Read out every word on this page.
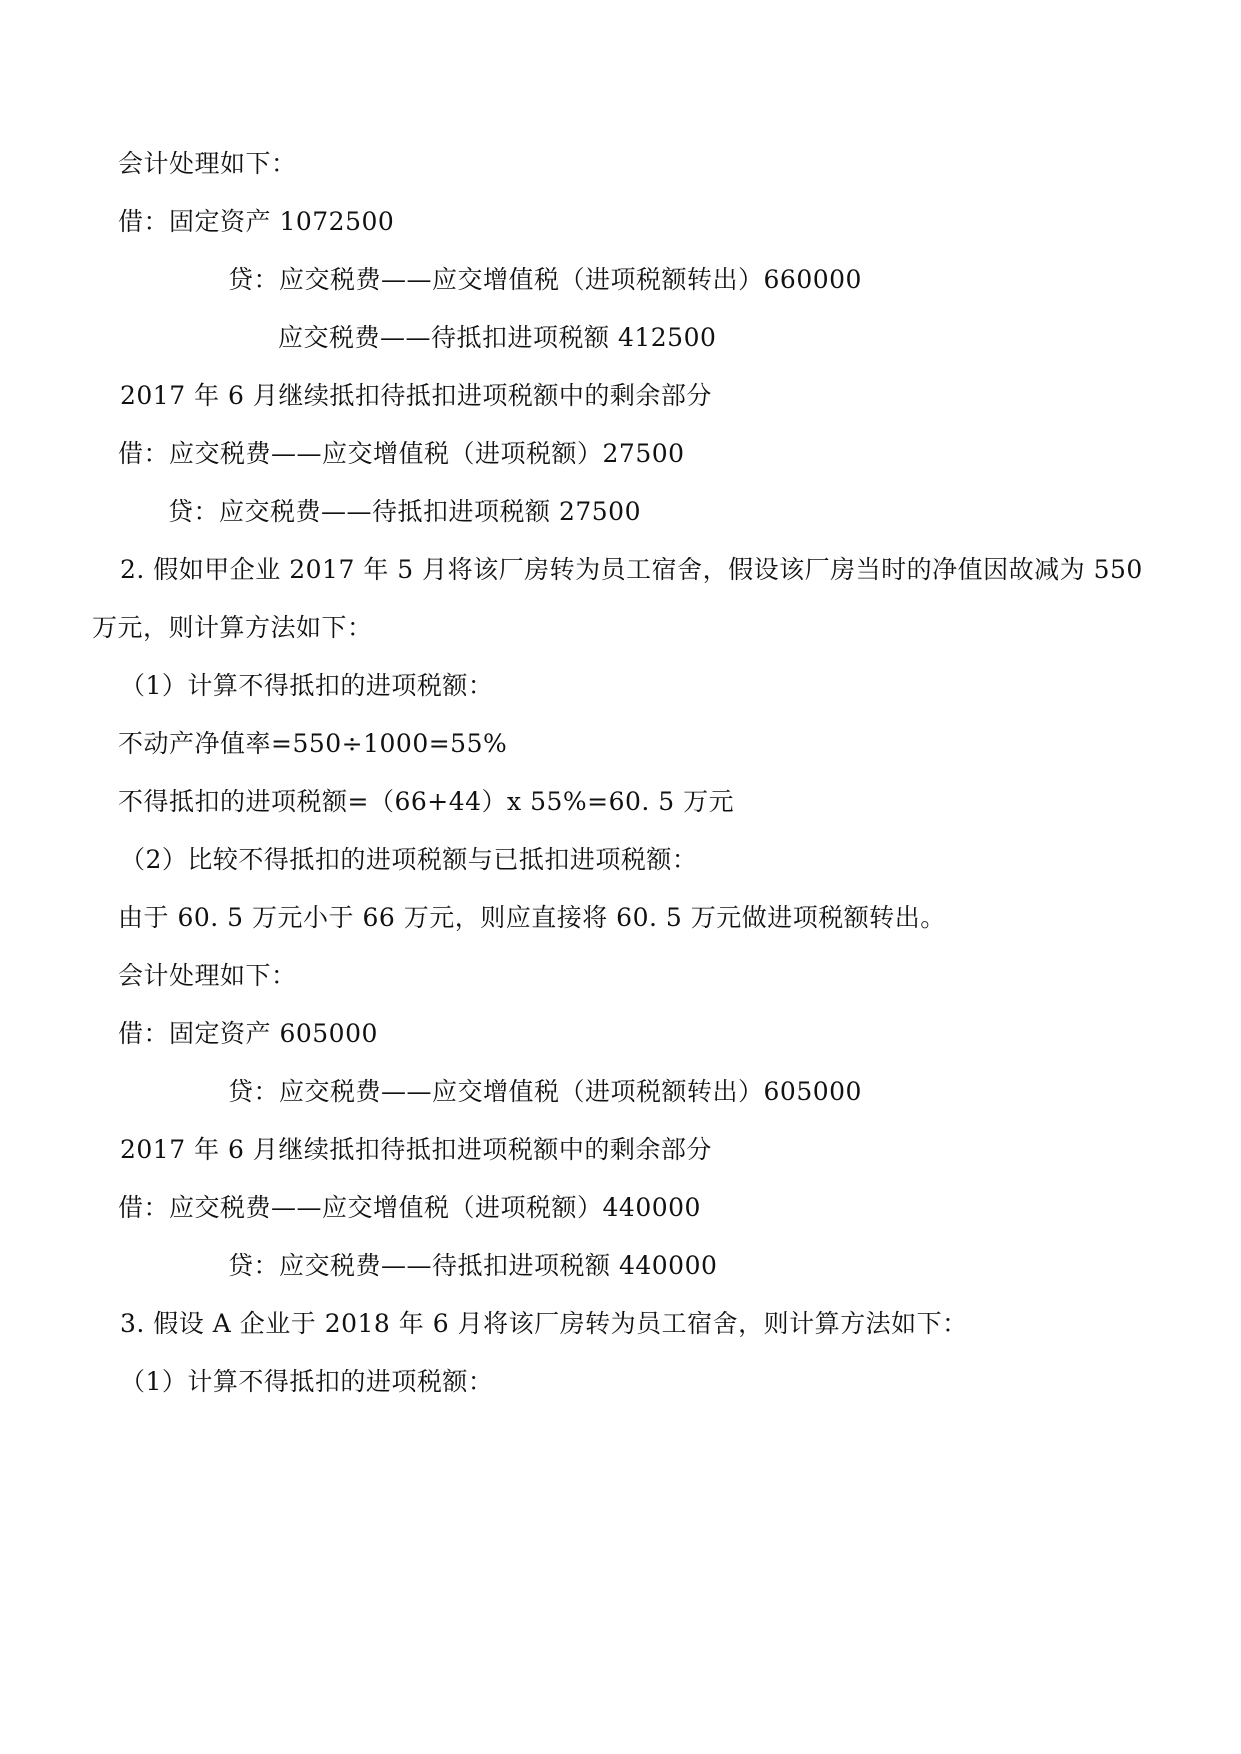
会计处理如下：
借：固定资产 1072500
贷：应交税费——应交增值税（进项税额转出）660000
应交税费——待抵扣进项税额 412500
2017 年 6 月继续抵扣待抵扣进项税额中的剩余部分
借：应交税费——应交增值税（进项税额）27500
贷：应交税费——待抵扣进项税额 27500
2. 假如甲企业 2017 年 5 月将该厂房转为员工宿舍，假设该厂房当时的净值因故减为 550
万元，则计算方法如下：
（1）计算不得抵扣的进项税额：
不动产净值率=550÷1000=55%
不得抵扣的进项税额=（66+44）x 55%=60. 5 万元
（2）比较不得抵扣的进项税额与已抵扣进项税额：
由于 60. 5 万元小于 66 万元，则应直接将 60. 5 万元做进项税额转出。
会计处理如下：
借：固定资产 605000
贷：应交税费——应交增值税（进项税额转出）605000
2017 年 6 月继续抵扣待抵扣进项税额中的剩余部分
借：应交税费——应交增值税（进项税额）440000
贷：应交税费——待抵扣进项税额 440000
3. 假设 A 企业于 2018 年 6 月将该厂房转为员工宿舍，则计算方法如下：
（1）计算不得抵扣的进项税额：
